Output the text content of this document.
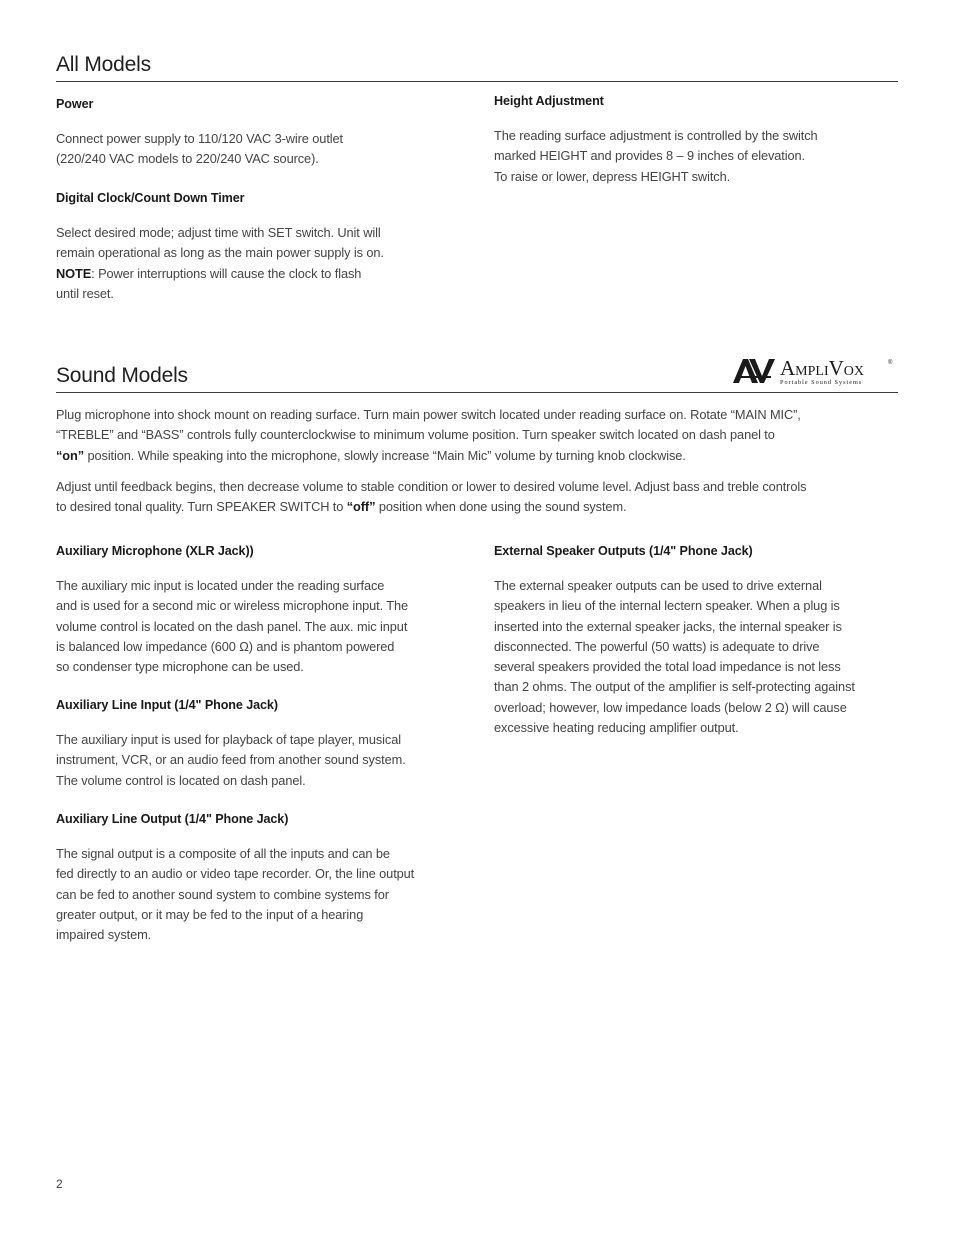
All Models
Power

Connect power supply to 110/120 VAC 3-wire outlet
(220/240 VAC models to 220/240 VAC source).

Digital Clock/Count Down Timer

Select desired mode; adjust time with SET switch. Unit will
remain operational as long as the main power supply is on.
NOTE: Power interruptions will cause the clock to flash
until reset.

Height Adjustment

The reading surface adjustment is controlled by the switch
marked HEIGHT and provides 8 – 9 inches of elevation.
To raise or lower, depress HEIGHT switch.

Sound Models	AMPLIVOX
®
Portable Sound Systems

Plug microphone into shock mount on reading surface. Turn main power switch located under reading surface on. Rotate “MAIN MIC”,
“TREBLE” and “BASS” controls fully counterclockwise to minimum volume position. Turn speaker switch located on dash panel to
“on” position. While speaking into the microphone, slowly increase “Main Mic” volume by turning knob clockwise.

Adjust until feedback begins, then decrease volume to stable condition or lower to desired volume level. Adjust bass and treble controls
to desired tonal quality. Turn SPEAKER SWITCH to “off” position when done using the sound system.

Auxiliary Microphone (XLR Jack))

The auxiliary mic input is located under the reading surface
and is used for a second mic or wireless microphone input. The
volume control is located on the dash panel. The aux. mic input
is balanced low impedance (600 Ω) and is phantom powered
so condenser type microphone can be used.

Auxiliary Line Input (1/4" Phone Jack)

The auxiliary input is used for playback of tape player, musical
instrument, VCR, or an audio feed from another sound system.
The volume control is located on dash panel.

Auxiliary Line Output (1/4" Phone Jack)

The signal output is a composite of all the inputs and can be
fed directly to an audio or video tape recorder. Or, the line output
can be fed to another sound system to combine systems for
greater output, or it may be fed to the input of a hearing
impaired system.

External Speaker Outputs (1/4" Phone Jack)

The external speaker outputs can be used to drive external
speakers in lieu of the internal lectern speaker. When a plug is
inserted into the external speaker jacks, the internal speaker is
disconnected. The powerful (50 watts) is adequate to drive
several speakers provided the total load impedance is not less
than 2 ohms. The output of the amplifier is self-protecting against
overload; however, low impedance loads (below 2 Ω) will cause
excessive heating reducing amplifier output.

2
